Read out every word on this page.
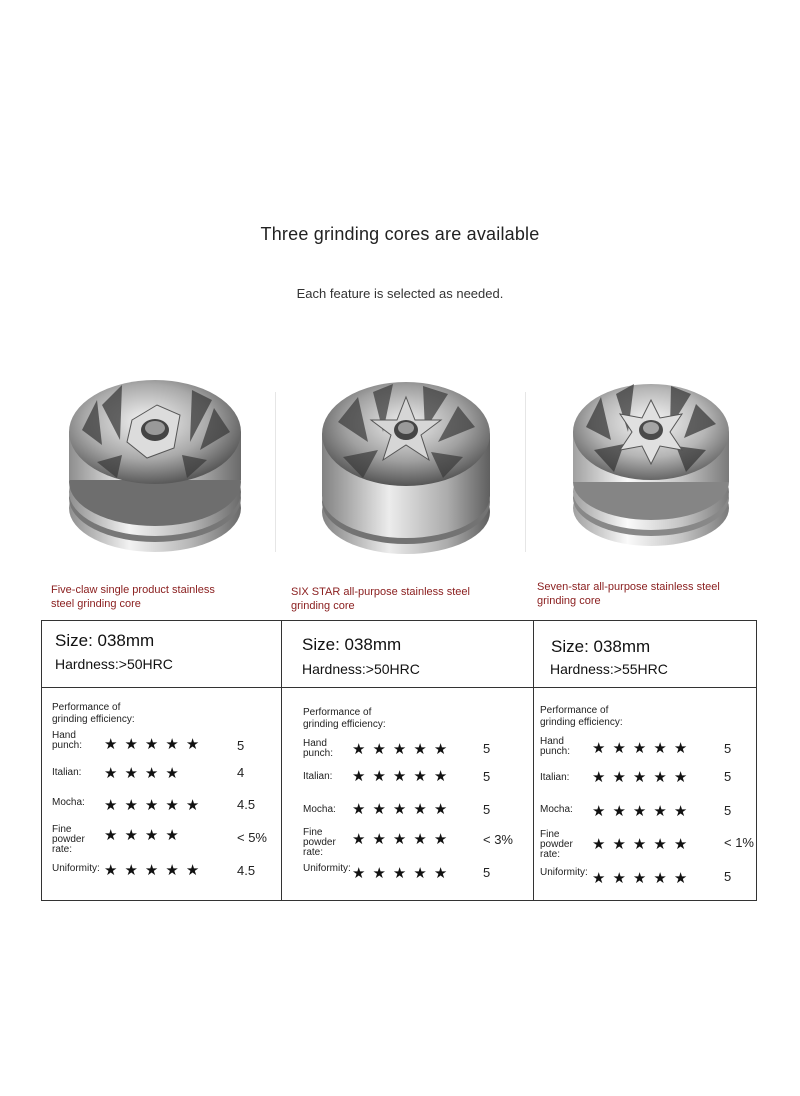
Three grinding cores are available
Each feature is selected as needed.
Five-claw single product stainless
steel grinding core
SIX STAR all-purpose stainless steel
grinding core
Seven-star all-purpose stainless steel
grinding core
Size: 038mm
Hardness:>50HRC
Size: 038mm
Hardness:>50HRC
Size: 038mm
Hardness:>55HRC
Performance of
grinding efficiency:
Performance of
grinding efficiency:
Performance of
grinding efficiency:
Hand
punch: ★★★★★ 5
Italian: ★★★★	4
Mocha: ★★★★★ 4.5
Fine
powder
rate:
★★★★	< 5%
Uniformity: ★★★★★ 4.5
Hand
punch: ★★★★★ 5
Italian: ★★★★★ 5
Mocha: ★★★★★ 5
Fine
powder
rate:
★★★★★ < 3%
Uniformity: ★★★★★ 5
Hand
punch: ★★★★★ 5
Italian: ★★★★★ 5
Mocha: ★★★★★ 5
Fine
powder
rate:
★★★★★ < 1%
Uniformity: ★★★★★ 5
